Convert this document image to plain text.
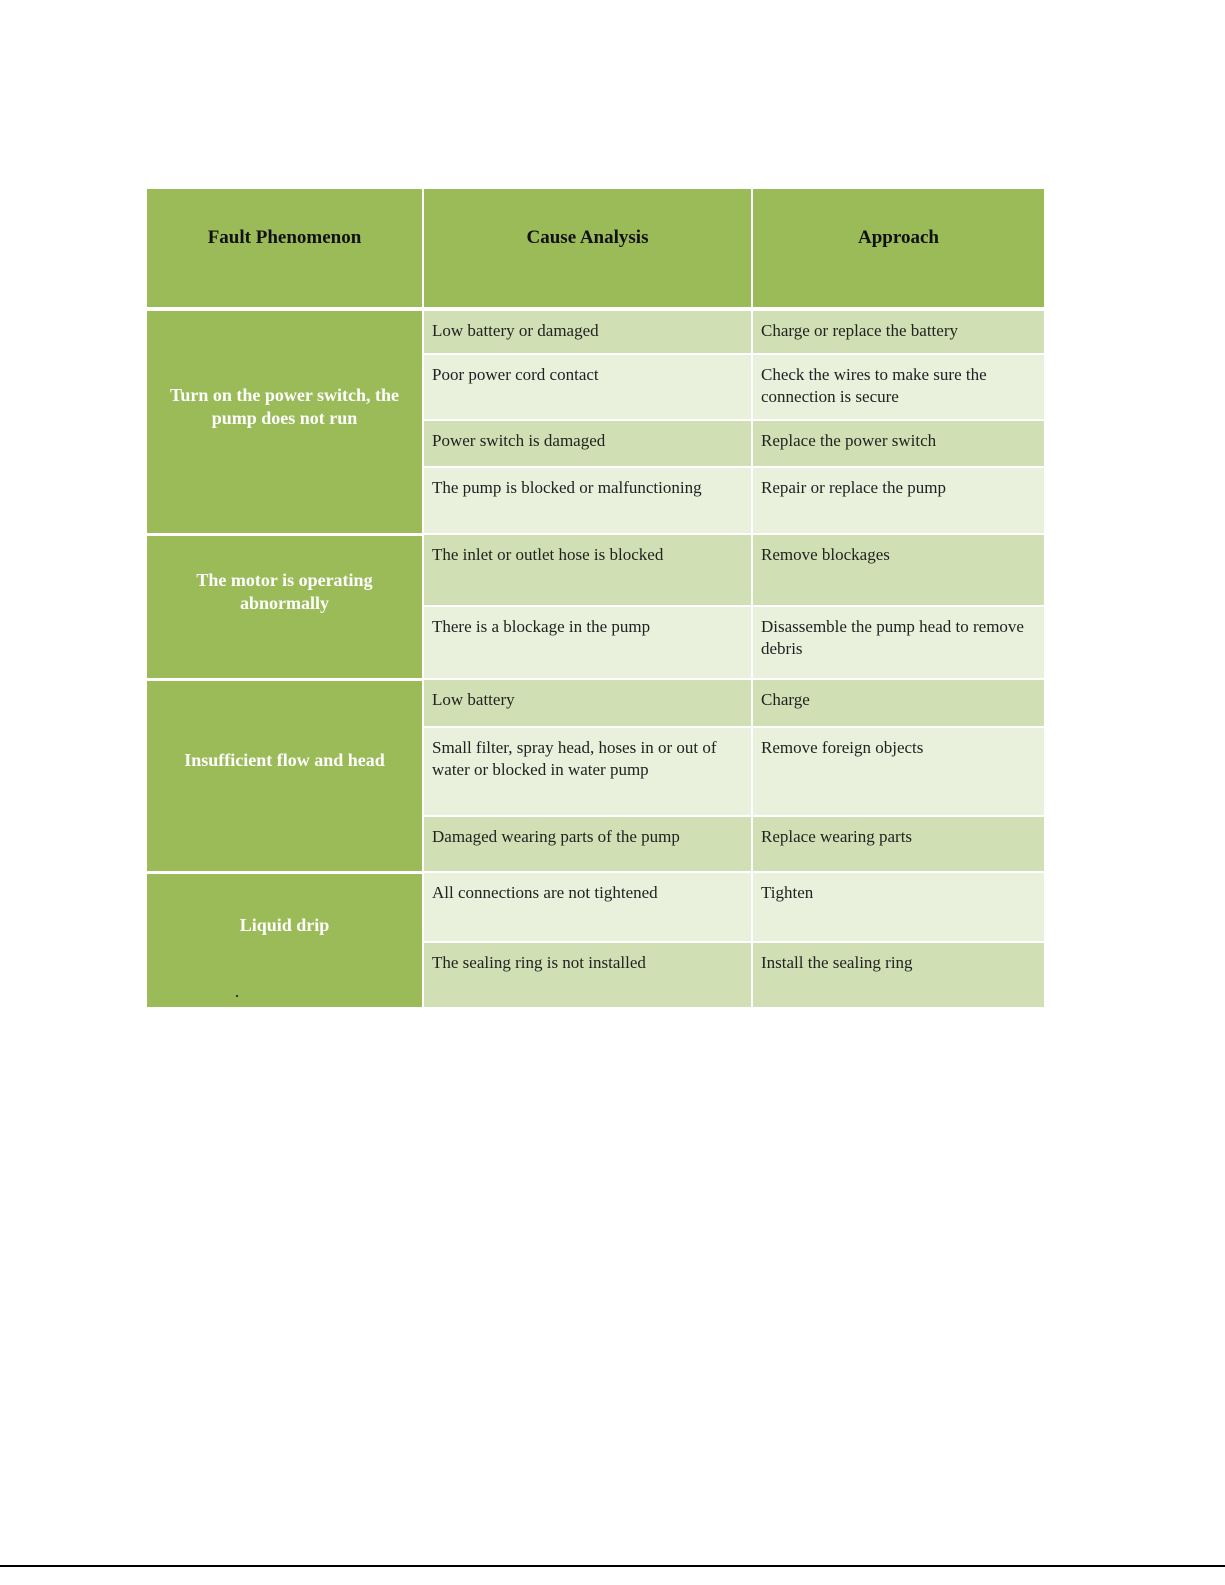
Fault Phenomenon	Cause Analysis	Approach
Turn on the power switch, the pump does not run	Low battery or damaged	Charge or replace the battery
	Poor power cord contact	Check the wires to make sure the connection is secure
	Power switch is damaged	Replace the power switch
	The pump is blocked or malfunctioning	Repair or replace the pump
The motor is operating abnormally	The inlet or outlet hose is blocked	Remove blockages
	There is a blockage in the pump	Disassemble the pump head to remove debris
Insufficient flow and head	Low battery	Charge
	Small filter, spray head, hoses in or out of water or blocked in water pump	Remove foreign objects
	Damaged wearing parts of the pump	Replace wearing parts
Liquid drip	All connections are not tightened	Tighten
	The sealing ring is not installed	Install the sealing ring
